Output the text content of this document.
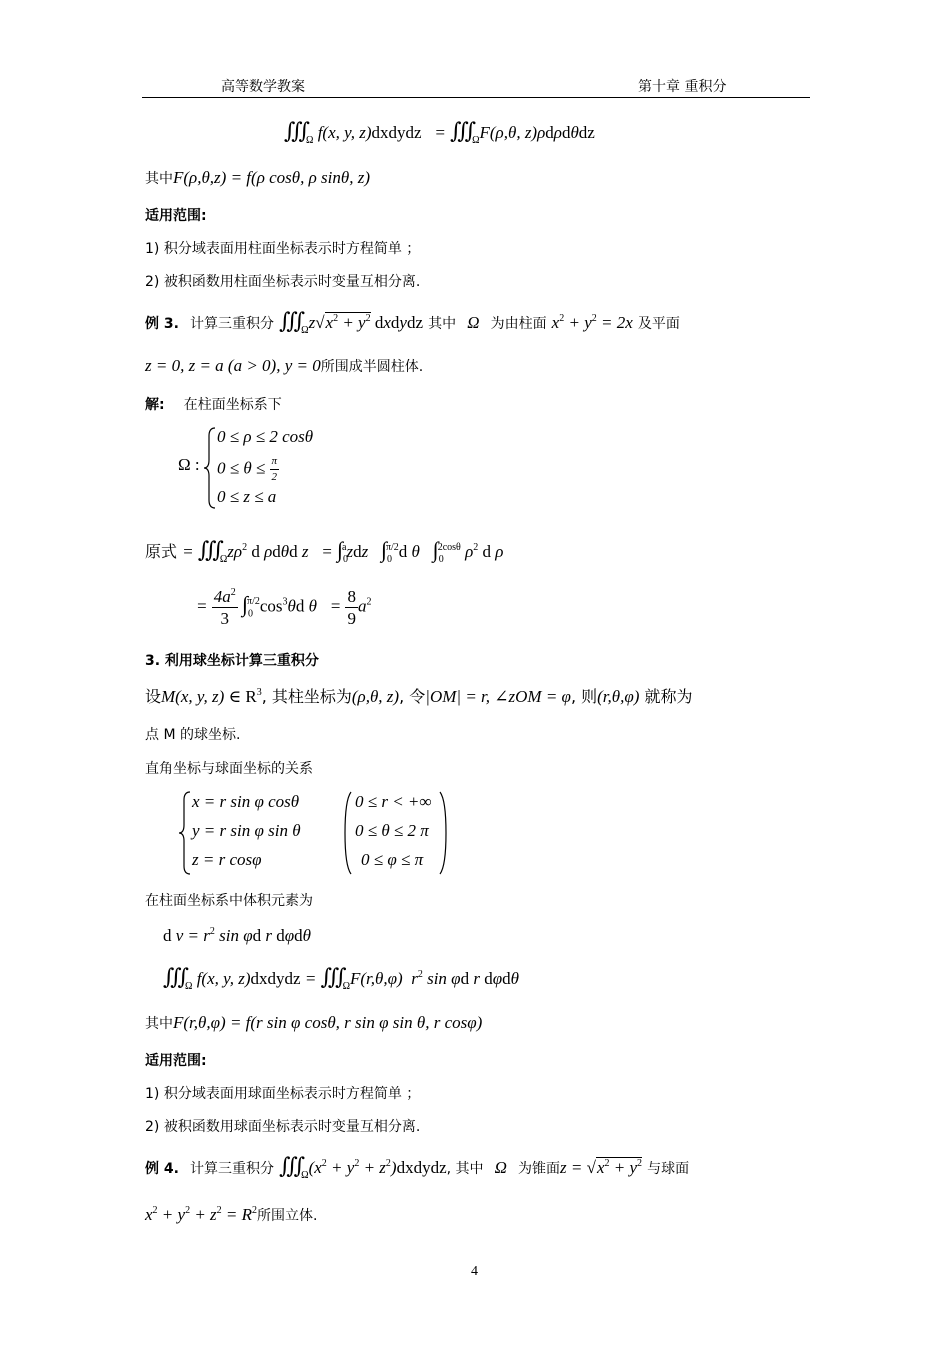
高等数学教案	第十章 重积分
$∭_\Omega$ f(x, y, z)dxdydz   = $∭_\Omega F(\rho,\theta$, z)ρdρdθdz
其中F(ρ,θ,z) = f(ρ cosθ, ρ sinθ, z)
适用范围:
1) 积分域表面用柱面坐标表示时方程简单 ；
2) 被积函数用柱面坐标表示时变量互相分离.
例 3. 计算三重积分 $∭_\Omega z√x^2 + y^2$ dxdydz 其中 Ω 为由柱面 $x^2 + y^2 = 2x$ 及平面
z = 0, z = a (a > 0), y = 0所围成半圆柱体.
解: 在柱面坐标系下
Ω :
0 ≤ ρ ≤ 2 cosθ
$0 \le \theta \le \frac{\pi}{2}$
0 ≤ z ≤ a
原式 = $∭_\Omega z\rho^2$ d ρdθd $z = \int_0^azdz$   $\int_0^{\pi/2}d$ θ   $\int_0^{2cos\theta}$ $\rho^2$ d ρ
= $\frac{4a^2}{3} \int_0^{\pi/2}\cos^3\theta d$ $\theta = \frac{8}{9} a^2$
3. 利用球坐标计算三重积分
设M(x, y, z) ∈ $R^3$, 其柱坐标为(ρ,θ, z), 令|OM| = r, ∠zOM = φ, 则(r,θ,φ) 就称为
点 M 的球坐标.
直角坐标与球面坐标的关系
x = r sin φ cosθ
y = r sin φ sin θ
z = r cosφ
0 ≤ r < +∞
0 ≤ θ ≤ 2 π
0 ≤ φ ≤ π
在柱面坐标系中体积元素为
d $v = r^2$ sin φd r dφdθ
$∭_\Omega$ f(x, y, z)dxdydz = $∭_\Omega F(r,\theta,\varphi)$  $r^2$ sin φd r dφdθ
其中F(r,θ,φ) = f(r sin φ cosθ, r sin φ sin θ, r cosφ)
适用范围:
1) 积分域表面用球面坐标表示时方程简单 ；
2) 被积函数用球面坐标表示时变量互相分离.
例 4. 计算三重积分 $∭_\Omega(x^2 + y^2$ + $z^2)dxdydz$, 其中 Ω 为锥面$z = √x^2 + y^2$ 与球面
$x^2 + y^2 + z^2 = R^2$所围立体.
4
